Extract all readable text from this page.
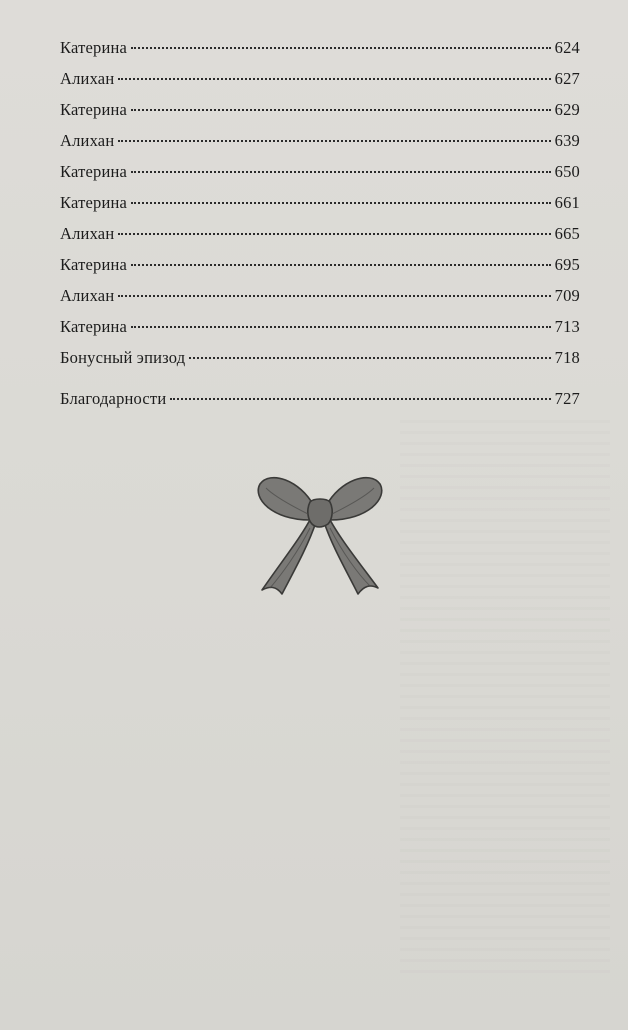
Катерина	624
Алихан	627
Катерина	629
Алихан	639
Катерина	650
Катерина	661
Алихан	665
Катерина	695
Алихан	709
Катерина	713
Бонусный эпизод	718
Благодарности	727
